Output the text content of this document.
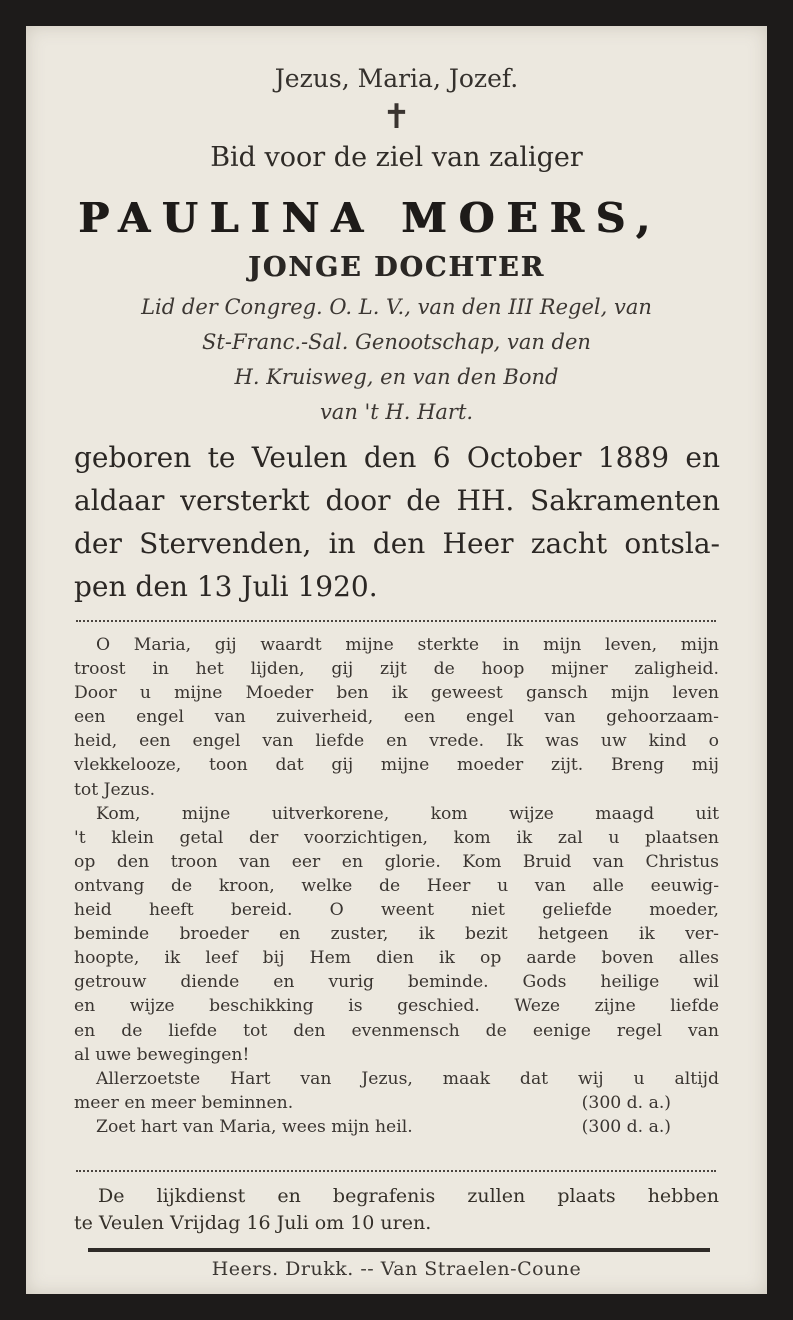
Jezus, Maria, Jozef.
✝
Bid voor de ziel van zaliger
PAULINA MOERS,
JONGE DOCHTER
Lid der Congreg. O. L. V., van den III Regel, van
St-Franc.-Sal. Genootschap, van den
H. Kruisweg, en van den Bond
van 't H. Hart.
geboren te Veulen den 6 October 1889 en
aldaar versterkt door de HH. Sakramenten
der Stervenden, in den Heer zacht ontsla-
pen den 13 Juli 1920.
O Maria, gij waardt mijne sterkte in mijn leven, mijn
troost in het lijden, gij zijt de hoop mijner zaligheid.
Door u mijne Moeder ben ik geweest gansch mijn leven
een engel van zuiverheid, een engel van gehoorzaam-
heid, een engel van liefde en vrede. Ik was uw kind o
vlekkelooze, toon dat gij mijne moeder zijt. Breng mij
tot Jezus.
Kom, mijne uitverkorene, kom wijze maagd uit
't klein getal der voorzichtigen, kom ik zal u plaatsen
op den troon van eer en glorie. Kom Bruid van Christus
ontvang de kroon, welke de Heer u van alle eeuwig-
heid heeft bereid. O weent niet geliefde moeder,
beminde broeder en zuster, ik bezit hetgeen ik ver-
hoopte, ik leef bij Hem dien ik op aarde boven alles
getrouw diende en vurig beminde. Gods heilige wil
en wijze beschikking is geschied. Weze zijne liefde
en de liefde tot den evenmensch de eenige regel van
al uwe bewegingen!
Allerzoetste Hart van Jezus, maak dat wij u altijd
meer en meer beminnen.	(300 d. a.)
Zoet hart van Maria, wees mijn heil.	(300 d. a.)
De lijkdienst en begrafenis zullen plaats hebben
te Veulen Vrijdag 16 Juli om 10 uren.
Heers. Drukk. -- Van Straelen-Coune
